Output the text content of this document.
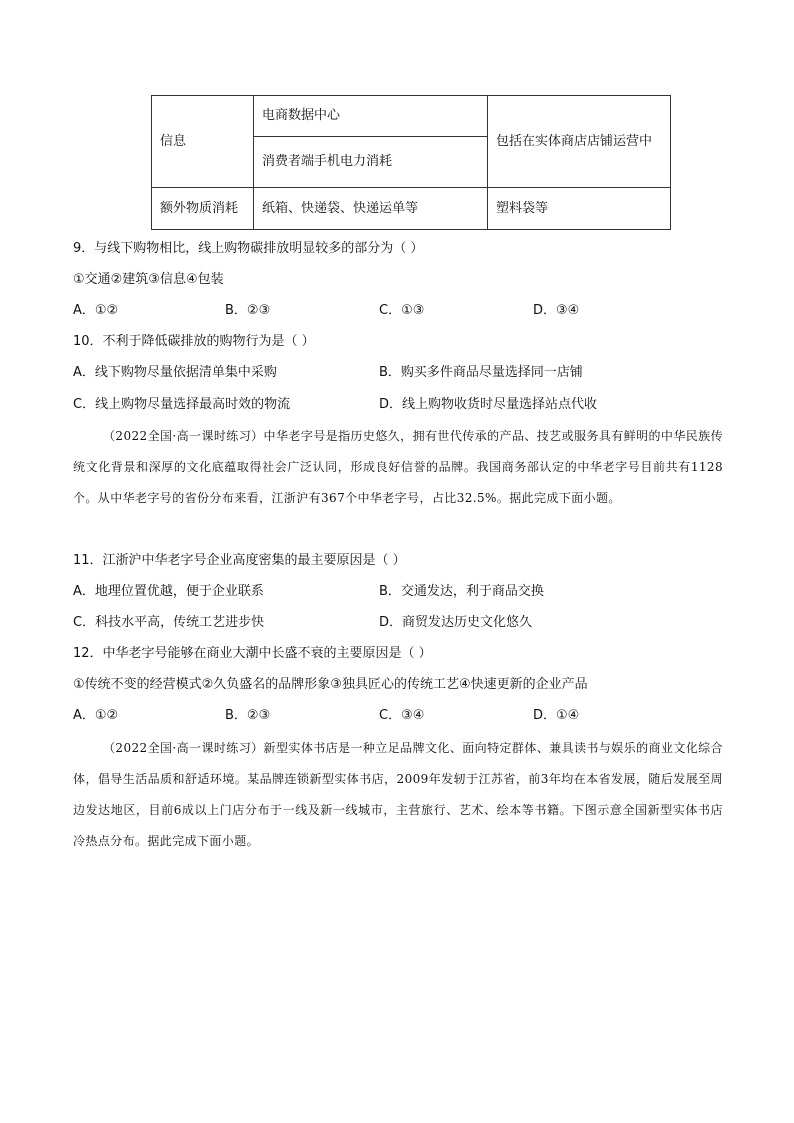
信息	电商数据中心	包括在实体商店店铺运营中
	消费者端手机电力消耗	
额外物质消耗	纸箱、快递袋、快递运单等	塑料袋等
9．与线下购物相比，线上购物碳排放明显较多的部分为（ ）
①交通②建筑③信息④包装
A．①②	B．②③	C．①③	D．③④
10．不利于降低碳排放的购物行为是（ ）
A．线下购物尽量依据清单集中采购	B．购买多件商品尽量选择同一店铺
C．线上购物尽量选择最高时效的物流	D．线上购物收货时尽量选择站点代收
（2022全国·高一课时练习）中华老字号是指历史悠久，拥有世代传承的产品、技艺或服务具有鲜明的中华民族传统文化背景和深厚的文化底蕴取得社会广泛认同，形成良好信誉的品牌。我国商务部认定的中华老字号目前共有1128个。从中华老字号的省份分布来看，江浙沪有367个中华老字号，占比32.5%。据此完成下面小题。
11．江浙沪中华老字号企业高度密集的最主要原因是（ ）
A．地理位置优越，便于企业联系	B．交通发达，利于商品交换
C．科技水平高，传统工艺进步快	D．商贸发达历史文化悠久
12．中华老字号能够在商业大潮中长盛不衰的主要原因是（ ）
①传统不变的经营模式②久负盛名的品牌形象③独具匠心的传统工艺④快速更新的企业产品
A．①②	B．②③	C．③④	D．①④
（2022全国·高一课时练习）新型实体书店是一种立足品牌文化、面向特定群体、兼具读书与娱乐的商业文化综合体，倡导生活品质和舒适环境。某品牌连锁新型实体书店，2009年发轫于江苏省，前3年均在本省发展，随后发展至周边发达地区，目前6成以上门店分布于一线及新一线城市，主营旅行、艺术、绘本等书籍。下图示意全国新型实体书店冷热点分布。据此完成下面小题。
